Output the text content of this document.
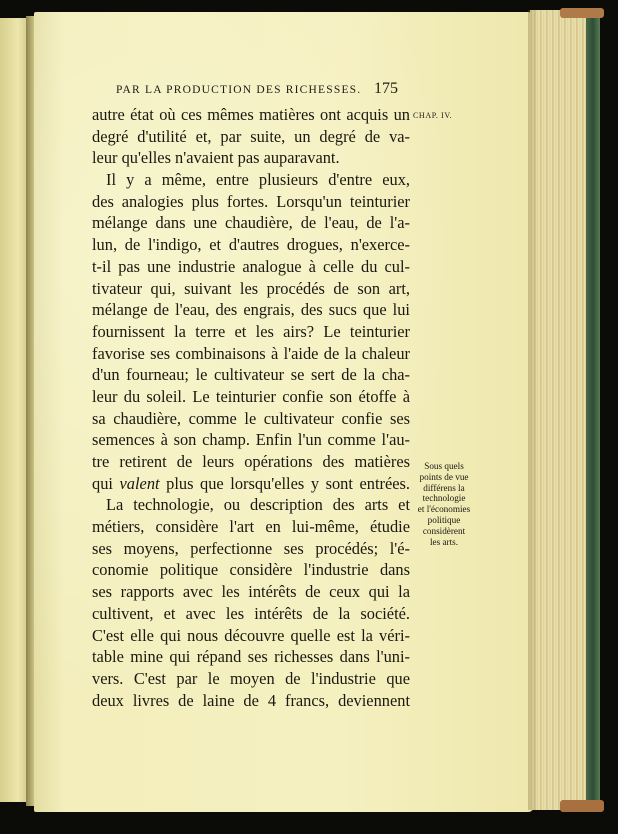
PAR LA PRODUCTION DES RICHESSES. 175
CHAP. IV.
autre état où ces mêmes matières ont acquis un
degré d'utilité et, par suite, un degré de va-
leur qu'elles n'avaient pas auparavant.
Il y a même, entre plusieurs d'entre eux,
des analogies plus fortes. Lorsqu'un teinturier
mélange dans une chaudière, de l'eau, de l'a-
lun, de l'indigo, et d'autres drogues, n'exerce-
t-il pas une industrie analogue à celle du cul-
tivateur qui, suivant les procédés de son art,
mélange de l'eau, des engrais, des sucs que lui
fournissent la terre et les airs? Le teinturier
favorise ses combinaisons à l'aide de la chaleur
d'un fourneau; le cultivateur se sert de la cha-
leur du soleil. Le teinturier confie son étoffe à
sa chaudière, comme le cultivateur confie ses
semences à son champ. Enfin l'un comme l'au-
tre retirent de leurs opérations des matières
qui valent plus que lorsqu'elles y sont entrées.
La technologie, ou description des arts et
métiers, considère l'art en lui-même, étudie
ses moyens, perfectionne ses procédés; l'é-
conomie politique considère l'industrie dans
ses rapports avec les intérêts de ceux qui la
cultivent, et avec les intérêts de la société.
C'est elle qui nous découvre quelle est la véri-
table mine qui répand ses richesses dans l'uni-
vers. C'est par le moyen de l'industrie que
deux livres de laine de 4 francs, deviennent
Sous quels
points de vue
différens la
technologie
et l'économies
politique
considèrent
les arts.
